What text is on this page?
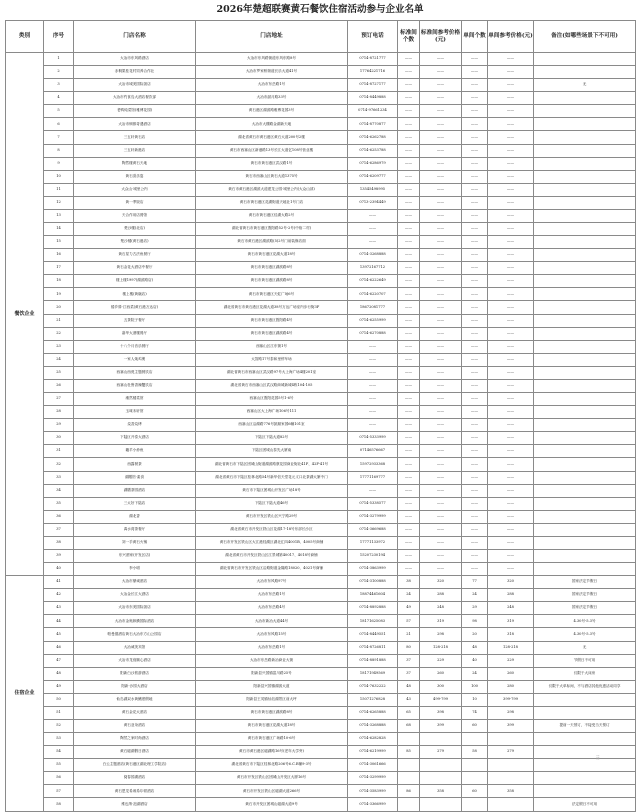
2026年楚超联赛黄石餐饮住宿活动参与企业名单
类别	序号	门店名称	门店地址	预订电话	标准间个数	标准间参考价格(元)	单间个数	单间参考价格(元)	备注(如哪些场景下不可用)
餐饮企业	1	大冶市东风路酒店	大冶市东风路街道东风东路8号	0714-8721777	——	——	——	——	
	2	赤桐果桂花村饲养合作社	大冶市罗家桥街道长乐大道41号	17764221716	——	——	——	——	
	3	大冶市城美国际饭店	大冶市东岳路1号	0714-8727177	——	——	——	——	无
	4	大冶市约食岛大酒店餐饮部	大冶市湛月路33号	0714-8449888	——	——	——	——	
	5	老鸭炖菜馆(雅博花园)	黄石港区湖滨路雅博花园3号	0714-97661234	——	——	——	——	
	6	大冶市铜都奇遇酒店	大冶市大棚路金湖新天地	0714-8770877	——	——	——	——	
	7	三五轩黄石店	湖北省黄石市黄石港区黄石大道200号2楼	0714-6262788	——	——	——	——	
	8	三五轩新港店	黄石市西塞山区新港路13号长江大道亿108号营业楼	0714-6253788	——	——	——	——	
	9	陶然楼黄石天地	黄石市黄石港区武汉路1号	0714-6286979	——	——	——	——	
	10	黄石喜乐宴	黄石市西塞山区黄石大道1375号	0714-6209777	——	——	——	——	
	11	大众山·城里公内	黄石市黄石港区湖滨大道建龙公园·城里公内(大众山部)	13545498995	——	——	——	——	
	12	黄一季饭店	黄石市黄石港区花湖街道天地社1号门店	0713-2394449	——	——	——	——	
	13	天合作用店餐馆	黄石市黄石港区佳湖大路2号	——	——	——	——	——	
	14	楚沙楼(北店)	湖北省黄石市黄石港区胜阳路52号-2号(中宿二村)	——	——	——	——	——	
	15	楚沙楼(黄石港店)	黄石市黄石港区湖滨路(5)2号门前装修店面	——	——	——	——	——	
	16	黄石星力古法鱼餐厅	黄石市黄石港区花湖大道18号	0714-3268888	——	——	——	——	
	17	黄石金花大酒店中餐厅	黄石市黄石港区湖滨路8号	13972167712	——	——	——	——	
	18	楼上楼1997(湖滨路店)	黄石市黄石港区湖滨路8号	0714-6222649	——	——	——	——	
	19	楼上楼(黄碗店)	黄石市黄石港区天虹广场6号	0714-6220707	——	——	——	——	
	20	椿乡驿·江西菜(黄石港万达店)	湖北省黄石市黄石港区花湖大道38号万达广场室内步行街3F	18672081777	——	——	——	——	
	21	五茶院子餐厅	黄石市黄石港区胜阳路4号	0714-6255999	——	——	——	——	
	22	嘉华大酒楼餐厅	黄石市黄石港区湖滨路4号	0714-6270888	——	——	——	——	
	23	十八个月音乐餐厅	西塞山区江东街1号	——	——	——	——	——	
	24	一家人炖鸡煲	大智路17号泰和里停车场	——	——	——	——	——	
	25	西塞山西苑主题餐饮店	湖北省黄石市西塞山区武汉路97号大上海广场4楼201室	——	——	——	——	——	
	26	西塞山杜鲁香辣蟹饮店	湖北省黄石市西塞山区武汉路商城新城4栋104-105	——	——	——	——	——	
	27	湘然楼菜馆	西塞山区胜阳花园5号1-6号	——	——	——	——	——	
	28	玉味未轩馆	西塞山区大上海广场106号111	——	——	——	——	——	
	29	烧香烧烤	西塞山区沿湖路776号凯顺家园6幢101室	——	——	——	——	——	
	30	下陆区开泰大酒店	下陆区下陆大道82号	0714-5333999	——	——	——	——	
	31	藕羊小炒鱼	下陆区团城山泰先大厦南	07146576667	——	——	——	——	
	32	西露餐茶	湖北省黄石市下陆区团城山街道湖滨路康花园商业街北41F、42F-41号	15972933368	——	——	——	——	
	33	湖膳馆·素食	湖北省黄石市下陆区桂林北路54号新华信天堂花元义口北茶湖大厦中门	17771169777	——	——	——	——	
	34	湖膳茶园酒店	黄石市下陆区团城山开发区广场18号	——	——	——	——	——	
	35	三太好下陆店	下陆区下陆大道46号	0714-5338577	——	——	——	——	
	36	湖北香	黄石市开发区铁山区兴宁路29号	0714-3279999	——	——	——	——	
	37	禹水湾茶餐厅	湖北省黄石市开发区铁山区花湖17-18号东部长沙区	0714-3669688	——	——	——	——	
	38	刘一手黄石火锅	黄石市开发区铁山区大江港桂湖区湖北汇四4001B、4005号商铺	17771133972	——	——	——	——	
	39	东兴酒家(开发区店)	湖北省黄石市开发区铁山区江景城第40017、4018号商铺	15207230194	——	——	——	——	
	40	李小明	湖北省黄石市开发区铁山区沿路街道金隆路18020、4021号商铺	0714-3863999	——	——	——	——	
住宿企业	41	大冶市鼎诚酒店	大冶市东风路97号	0714-3100888	38	320	77	320	国家法定节假日
	42	大冶金长江大酒店	大冶市东岳路1号	18874461604	24	288	24	288	国家法定节假日
	43	大冶市东美国际饭店	大冶市东岳路4号	0714-8892888	49	248	29	248	国家法定节假日
	44	大冶市金奥纵横国际酒店	大冶市新冶大道44号	18171625083	57	319	98	319	4.30号-5.3号
	45	帕曼德酒店黄石大冶东方山公园店	大冶市东风路15号	0714-8449551	21	298	20	318	4.30号-5.3号
	46	大冶诚美宾馆	大冶市东岳路1号	0714-8726811	80	128-218	48	128-218	无
	47	大冶市龙庭顺心酒店	大冶市东岳路新冶商业大街	0714-8891888	37	229	40	229	节假日不可用
	48	阳新白沙旅游酒店	阳新县兴国镇富川路25号	18171949569	37	260	24	260	仅限于大床房
	49	阳新·沙园大酒店	阳新县兴国镇湖滨大道	0714-7632222	48	300	100	280	仅限于大单标间，不与酒店其他优惠活动同享
	50	仙岛湖双水黄鳝度假地	阳新县王英镇仙岛湖景区前大坪	15071276828	43	499-799	10	399-799	
	51	黄石金花大酒店	黄石市黄石港区湖滨路8号	0714-6265888	65	398	74	298	
	52	黄石亚朵酒店	黄石市黄石港区花湖大道18号	0714-3268888	68	399	60	399	提前一天预订，不接受当天预订
	53	陶然之家时尚酒店	黄石市黄石港区广场路10-6号	0714-6282828					
	54	黄石磁湖假日酒店	黄石市黄石港区磁湖路16号(老年大学旁)	0714-6219999	85	279	58	279	
	55	白云主题酒店(黄石港区湖北理工学院店)	湖北省黄石市下陆区桂林北路206号6.C.E幢9-3号	0714-3061666					
	56	阅春园湖酒店	黄石市开发区铁山区团城山开发区大厦16号	0714-3299999					
	57	黄石恩龙希戚希尔顿酒店	黄石市开发区铁山区磁湖大道266号	0714-3583999	86	358	60	358	
	58	维也纳·泡湖酒店	黄石市开发区团城山磁湖大道9号	0714-3366999					法定假日不可用
⠿
